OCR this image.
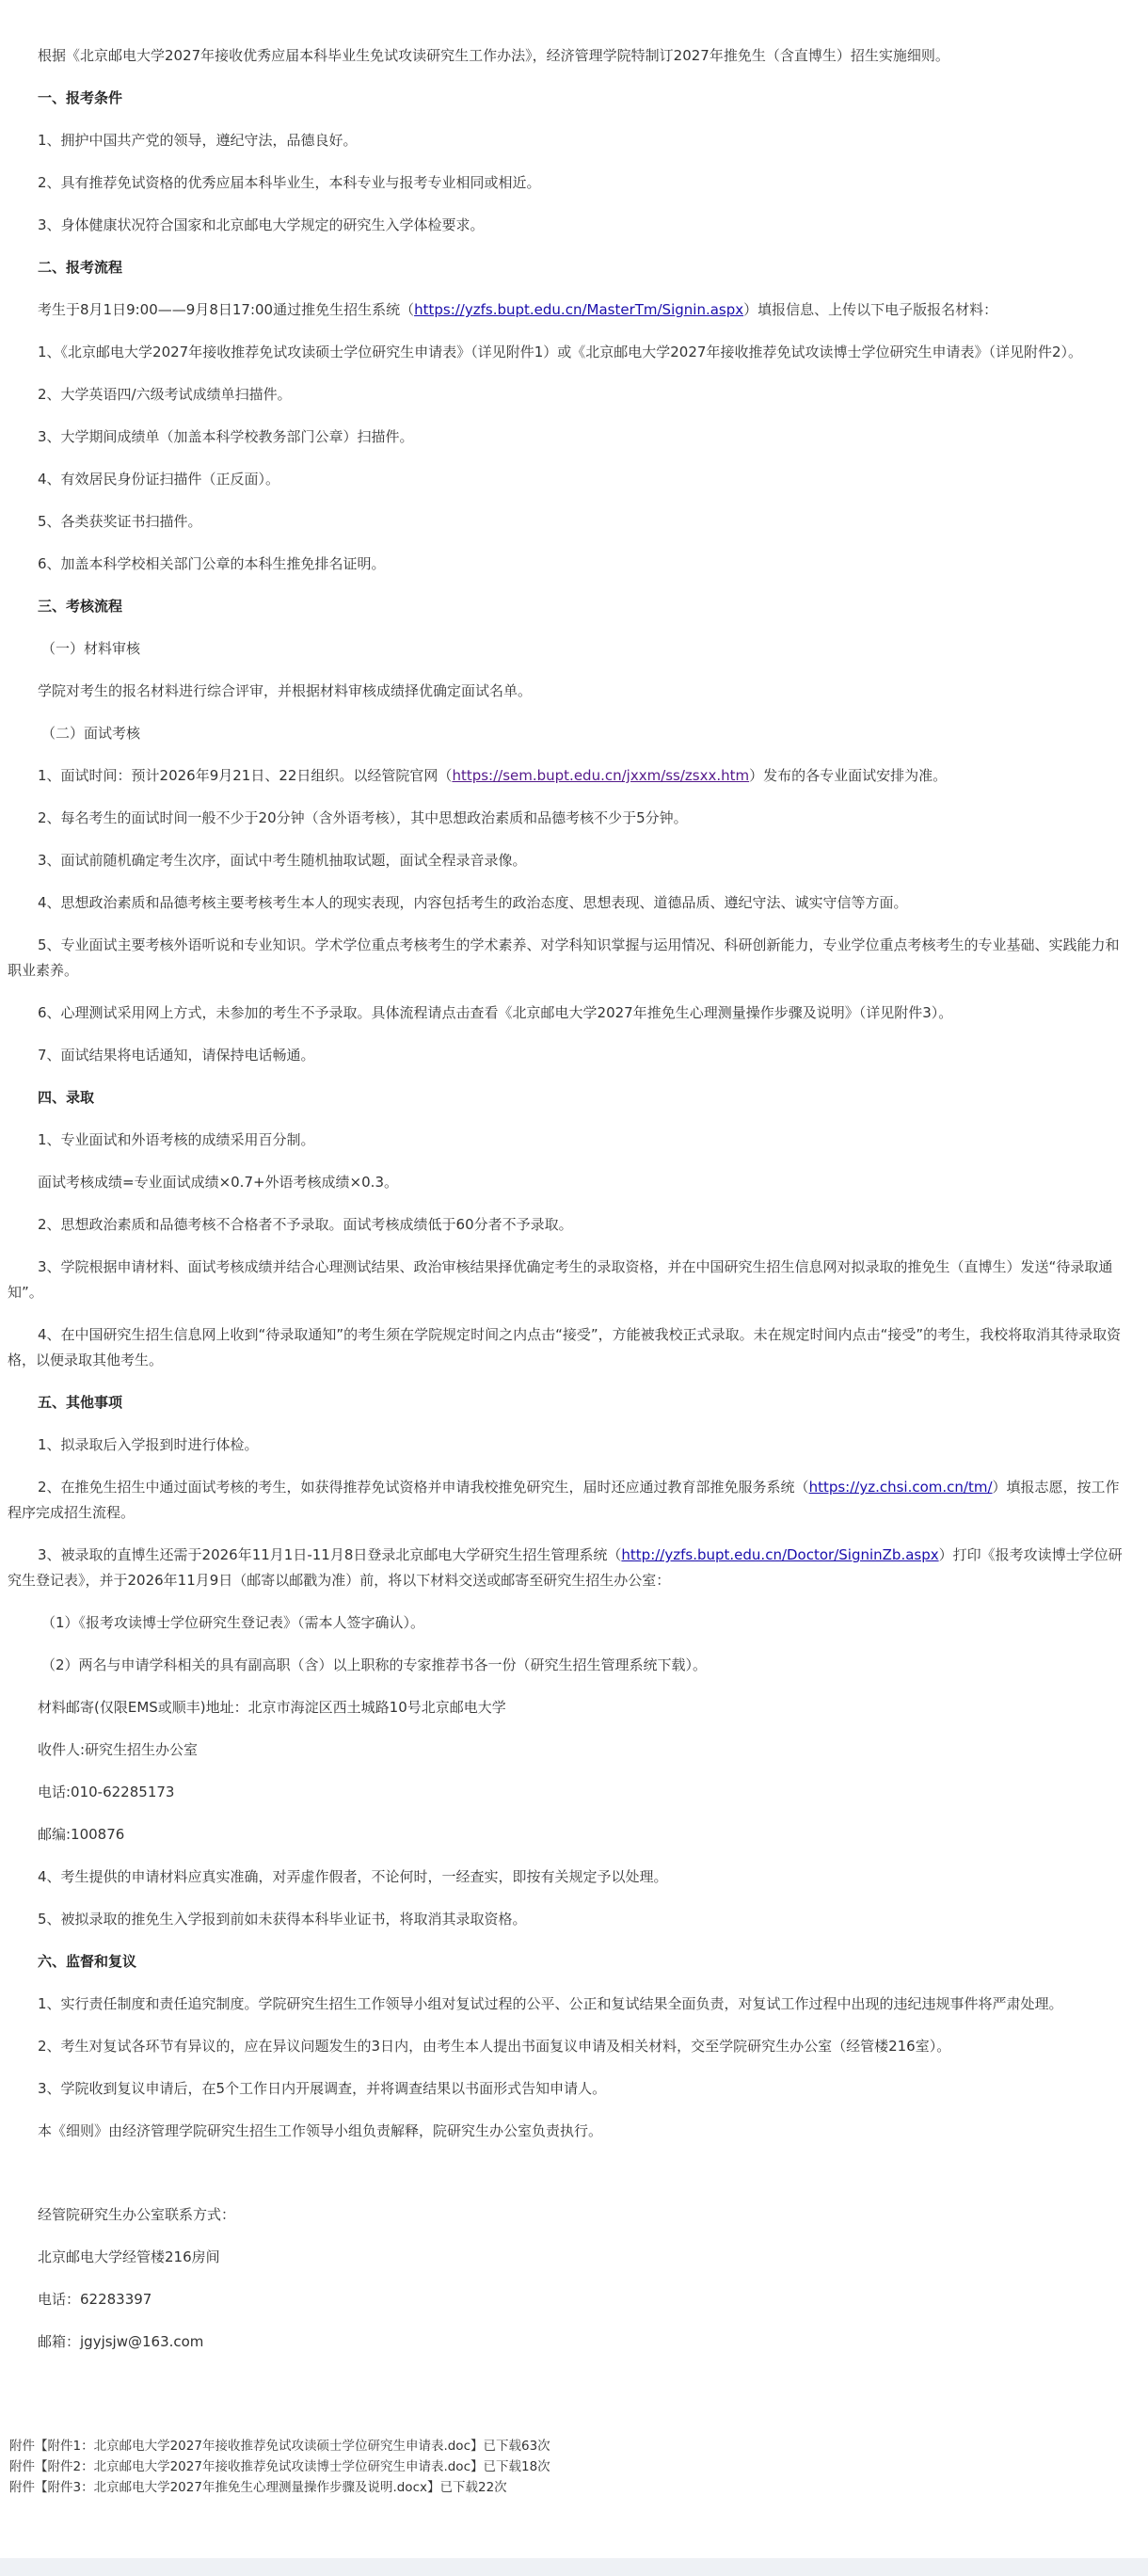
根据《北京邮电大学2027年接收优秀应届本科毕业生免试攻读研究生工作办法》，经济管理学院特制订2027年推免生（含直博生）招生实施细则。

一、报考条件

1、拥护中国共产党的领导，遵纪守法，品德良好。

2、具有推荐免试资格的优秀应届本科毕业生，本科专业与报考专业相同或相近。

3、身体健康状况符合国家和北京邮电大学规定的研究生入学体检要求。

二、报考流程

考生于8月1日9:00——9月8日17:00通过推免生招生系统（https://yzfs.bupt.edu.cn/MasterTm/Signin.aspx）填报信息、上传以下电子版报名材料：

1、《北京邮电大学2027年接收推荐免试攻读硕士学位研究生申请表》（详见附件1）或《北京邮电大学2027年接收推荐免试攻读博士学位研究生申请表》（详见附件2）。

2、大学英语四/六级考试成绩单扫描件。

3、大学期间成绩单（加盖本科学校教务部门公章）扫描件。

4、有效居民身份证扫描件（正反面）。

5、各类获奖证书扫描件。

6、加盖本科学校相关部门公章的本科生推免排名证明。

三、考核流程

（一）材料审核

学院对考生的报名材料进行综合评审，并根据材料审核成绩择优确定面试名单。

（二）面试考核

1、面试时间：预计2026年9月21日、22日组织。以经管院官网（https://sem.bupt.edu.cn/jxxm/ss/zsxx.htm）发布的各专业面试安排为准。

2、每名考生的面试时间一般不少于20分钟（含外语考核），其中思想政治素质和品德考核不少于5分钟。

3、面试前随机确定考生次序，面试中考生随机抽取试题，面试全程录音录像。

4、思想政治素质和品德考核主要考核考生本人的现实表现，内容包括考生的政治态度、思想表现、道德品质、遵纪守法、诚实守信等方面。

5、专业面试主要考核外语听说和专业知识。学术学位重点考核考生的学术素养、对学科知识掌握与运用情况、科研创新能力，专业学位重点考核考生的专业基础、实践能力和职业素养。

6、心理测试采用网上方式，未参加的考生不予录取。具体流程请点击查看《北京邮电大学2027年推免生心理测量操作步骤及说明》（详见附件3）。

7、面试结果将电话通知，请保持电话畅通。

四、录取

1、专业面试和外语考核的成绩采用百分制。

面试考核成绩=专业面试成绩×0.7+外语考核成绩×0.3。

2、思想政治素质和品德考核不合格者不予录取。面试考核成绩低于60分者不予录取。

3、学院根据申请材料、面试考核成绩并结合心理测试结果、政治审核结果择优确定考生的录取资格，并在中国研究生招生信息网对拟录取的推免生（直博生）发送“待录取通知”。

4、在中国研究生招生信息网上收到“待录取通知”的考生须在学院规定时间之内点击“接受”，方能被我校正式录取。未在规定时间内点击“接受”的考生，我校将取消其待录取资格，以便录取其他考生。

五、其他事项

1、拟录取后入学报到时进行体检。

2、在推免生招生中通过面试考核的考生，如获得推荐免试资格并申请我校推免研究生，届时还应通过教育部推免服务系统（https://yz.chsi.com.cn/tm/）填报志愿，按工作程序完成招生流程。

3、被录取的直博生还需于2026年11月1日-11月8日登录北京邮电大学研究生招生管理系统（http://yzfs.bupt.edu.cn/Doctor/SigninZb.aspx）打印《报考攻读博士学位研究生登记表》，并于2026年11月9日（邮寄以邮戳为准）前，将以下材料交送或邮寄至研究生招生办公室：

（1）《报考攻读博士学位研究生登记表》（需本人签字确认）。

（2）两名与申请学科相关的具有副高职（含）以上职称的专家推荐书各一份（研究生招生管理系统下载）。

材料邮寄(仅限EMS或顺丰)地址：北京市海淀区西土城路10号北京邮电大学

收件人:研究生招生办公室

电话:010-62285173

邮编:100876

4、考生提供的申请材料应真实准确，对弄虚作假者，不论何时，一经查实，即按有关规定予以处理。

5、被拟录取的推免生入学报到前如未获得本科毕业证书，将取消其录取资格。

六、监督和复议

1、实行责任制度和责任追究制度。学院研究生招生工作领导小组对复试过程的公平、公正和复试结果全面负责，对复试工作过程中出现的违纪违规事件将严肃处理。

2、考生对复试各环节有异议的，应在异议问题发生的3日内，由考生本人提出书面复议申请及相关材料，交至学院研究生办公室（经管楼216室）。

3、学院收到复议申请后，在5个工作日内开展调查，并将调查结果以书面形式告知申请人。

本《细则》由经济管理学院研究生招生工作领导小组负责解释，院研究生办公室负责执行。

经管院研究生办公室联系方式：

北京邮电大学经管楼216房间

电话：62283397

邮箱：jgyjsjw@163.com

附件【附件1：北京邮电大学2027年接收推荐免试攻读硕士学位研究生申请表.doc】已下载63次
附件【附件2：北京邮电大学2027年接收推荐免试攻读博士学位研究生申请表.doc】已下载18次
附件【附件3：北京邮电大学2027年推免生心理测量操作步骤及说明.docx】已下载22次
